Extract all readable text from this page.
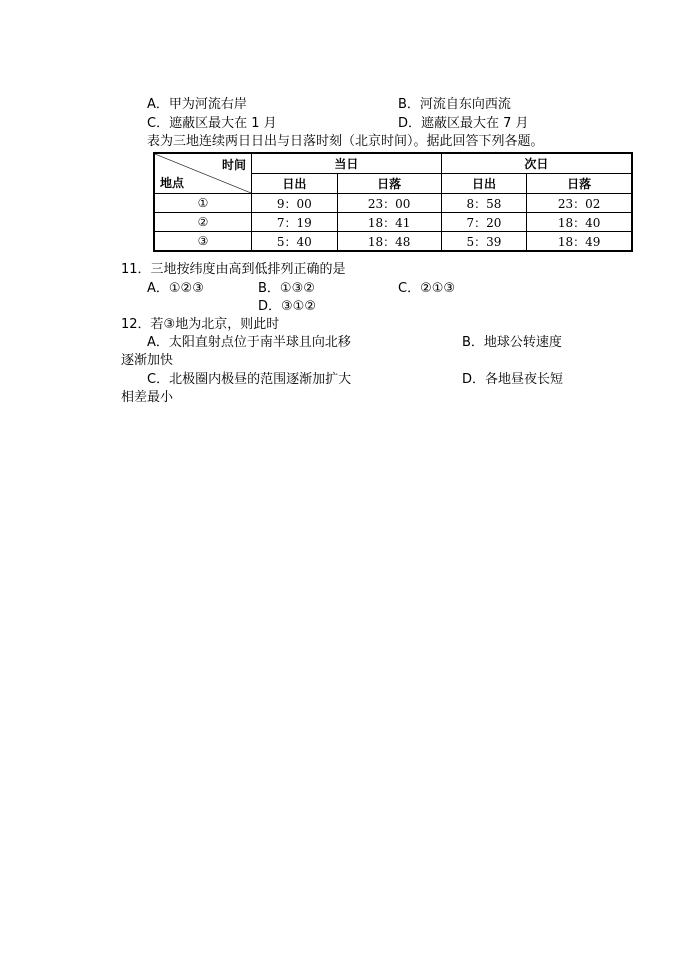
A．甲为河流右岸	B．河流自东向西流
C．遮蔽区最大在 1 月	D．遮蔽区最大在 7 月
表为三地连续两日日出与日落时刻（北京时间）。据此回答下列各题。
时间
地点	当日		次日	
	日出	日落	日出	日落
①	9：00	23：00	8：58	23：02
②	7：19	18：41	7：20	18：40
③	5：40	18：48	5：39	18：49
11．三地按纬度由高到低排列正确的是
A．①②③	B．①③②	C．②①③
D．③①②
12．若③地为北京，则此时
A．太阳直射点位于南半球且向北移	B．地球公转速度
逐渐加快
C．北极圈内极昼的范围逐渐加扩大	D．各地昼夜长短
相差最小
